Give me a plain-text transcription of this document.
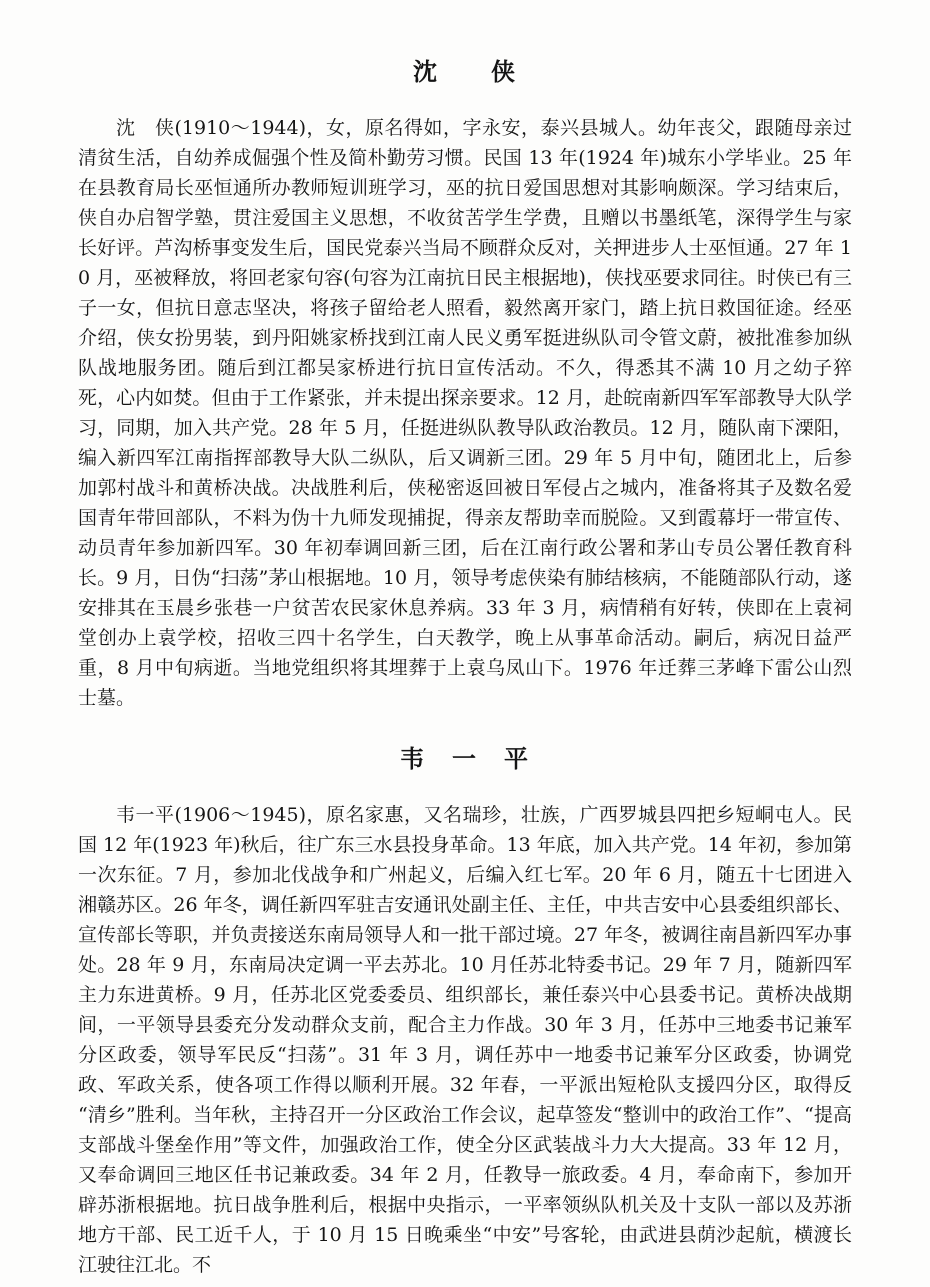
沈　　侠

沈　侠(1910～1944)，女，原名得如，字永安，泰兴县城人。幼年丧父，跟随母亲过清贫生活，自幼养成倔强个性及简朴勤劳习惯。民国 13 年(1924 年)城东小学毕业。25 年在县教育局长巫恒通所办教师短训班学习，巫的抗日爱国思想对其影响颇深。学习结束后，侠自办启智学塾，贯注爱国主义思想，不收贫苦学生学费，且赠以书墨纸笔，深得学生与家长好评。芦沟桥事变发生后，国民党泰兴当局不顾群众反对，关押进步人士巫恒通。27 年 10 月，巫被释放，将回老家句容(句容为江南抗日民主根据地)，侠找巫要求同往。时侠已有三子一女，但抗日意志坚决，将孩子留给老人照看，毅然离开家门，踏上抗日救国征途。经巫介绍，侠女扮男装，到丹阳姚家桥找到江南人民义勇军挺进纵队司令管文蔚，被批准参加纵队战地服务团。随后到江都吴家桥进行抗日宣传活动。不久，得悉其不满 10 月之幼子猝死，心内如焚。但由于工作紧张，并未提出探亲要求。12 月，赴皖南新四军军部教导大队学习，同期，加入共产党。28 年 5 月，任挺进纵队教导队政治教员。12 月，随队南下溧阳，编入新四军江南指挥部教导大队二纵队，后又调新三团。29 年 5 月中旬，随团北上，后参加郭村战斗和黄桥决战。决战胜利后，侠秘密返回被日军侵占之城内，准备将其子及数名爱国青年带回部队，不料为伪十九师发现捕捉，得亲友帮助幸而脱险。又到霞幕圩一带宣传、动员青年参加新四军。30 年初奉调回新三团，后在江南行政公署和茅山专员公署任教育科长。9 月，日伪“扫荡”茅山根据地。10 月，领导考虑侠染有肺结核病，不能随部队行动，遂安排其在玉晨乡张巷一户贫苦农民家休息养病。33 年 3 月，病情稍有好转，侠即在上袁祠堂创办上袁学校，招收三四十名学生，白天教学，晚上从事革命活动。嗣后，病况日益严重，8 月中旬病逝。当地党组织将其埋葬于上袁乌凤山下。1976 年迁葬三茅峰下雷公山烈士墓。

韦　一　平

韦一平(1906～1945)，原名家惠，又名瑞珍，壮族，广西罗城县四把乡短峒屯人。民国 12 年(1923 年)秋后，往广东三水县投身革命。13 年底，加入共产党。14 年初，参加第一次东征。7 月，参加北伐战争和广州起义，后编入红七军。20 年 6 月，随五十七团进入湘赣苏区。26 年冬，调任新四军驻吉安通讯处副主任、主任，中共吉安中心县委组织部长、宣传部长等职，并负责接送东南局领导人和一批干部过境。27 年冬，被调往南昌新四军办事处。28 年 9 月，东南局决定调一平去苏北。10 月任苏北特委书记。29 年 7 月，随新四军主力东进黄桥。9 月，任苏北区党委委员、组织部长，兼任泰兴中心县委书记。黄桥决战期间，一平领导县委充分发动群众支前，配合主力作战。30 年 3 月，任苏中三地委书记兼军分区政委，领导军民反“扫荡”。31 年 3 月，调任苏中一地委书记兼军分区政委，协调党政、军政关系，使各项工作得以顺利开展。32 年春，一平派出短枪队支援四分区，取得反“清乡”胜利。当年秋，主持召开一分区政治工作会议，起草签发“整训中的政治工作”、“提高支部战斗堡垒作用”等文件，加强政治工作，使全分区武装战斗力大大提高。33 年 12 月，又奉命调回三地区任书记兼政委。34 年 2 月，任教导一旅政委。4 月，奉命南下，参加开辟苏浙根据地。抗日战争胜利后，根据中央指示，一平率领纵队机关及十支队一部以及苏浙地方干部、民工近千人，于 10 月 15 日晚乘坐“中安”号客轮，由武进县荫沙起航，横渡长江驶往江北。不
